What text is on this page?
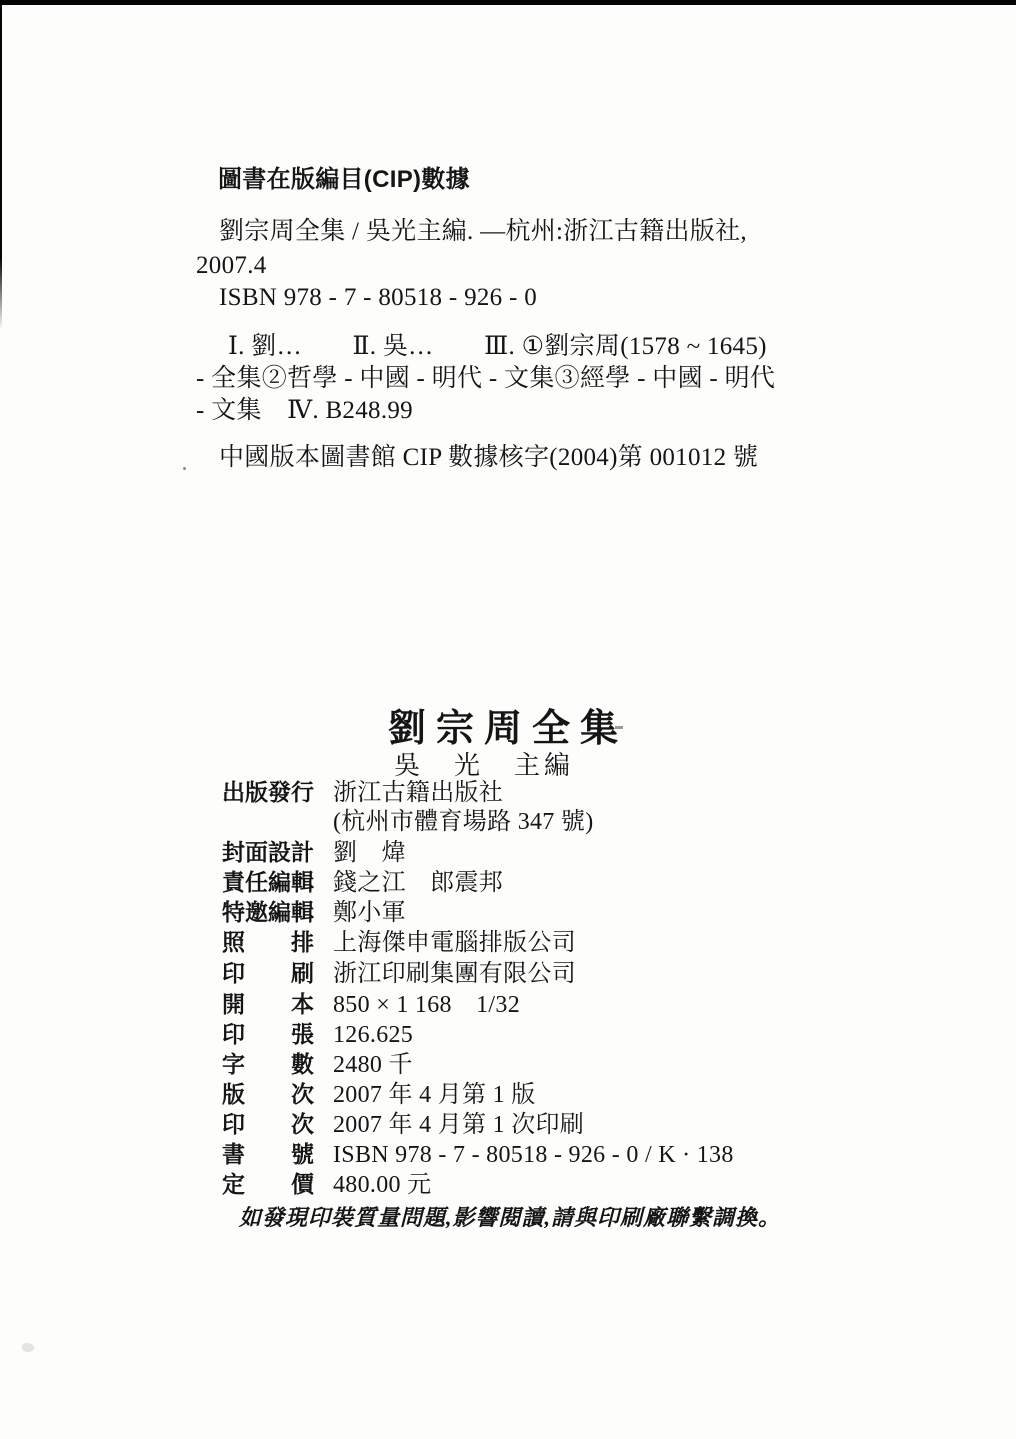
圖書在版編目(CIP)數據
劉宗周全集 / 吳光主編. —杭州:浙江古籍出版社,
2007.4
ISBN 978 - 7 - 80518 - 926 - 0
Ⅰ. 劉…　　Ⅱ. 吳…　　Ⅲ. ①劉宗周(1578 ~ 1645)
- 全集②哲學 - 中國 - 明代 - 文集③經學 - 中國 - 明代
- 文集　Ⅳ. B248.99
中國版本圖書館 CIP 數據核字(2004)第 001012 號
劉宗周全集
吳　光　主編
出版發行 浙江古籍出版社
(杭州市體育場路 347 號)
封面設計 劉　煒
責任編輯 錢之江　郎震邦
特邀編輯 鄭小軍
照　　排 上海傑申電腦排版公司
印　　刷 浙江印刷集團有限公司
開　　本 850 × 1 168　1/32
印　　張 126.625
字　　數 2480 千
版　　次 2007 年 4 月第 1 版
印　　次 2007 年 4 月第 1 次印刷
書　　號 ISBN 978 - 7 - 80518 - 926 - 0 / K · 138
定　　價 480.00 元
如發現印裝質量問題,影響閱讀,請與印刷廠聯繫調換。
